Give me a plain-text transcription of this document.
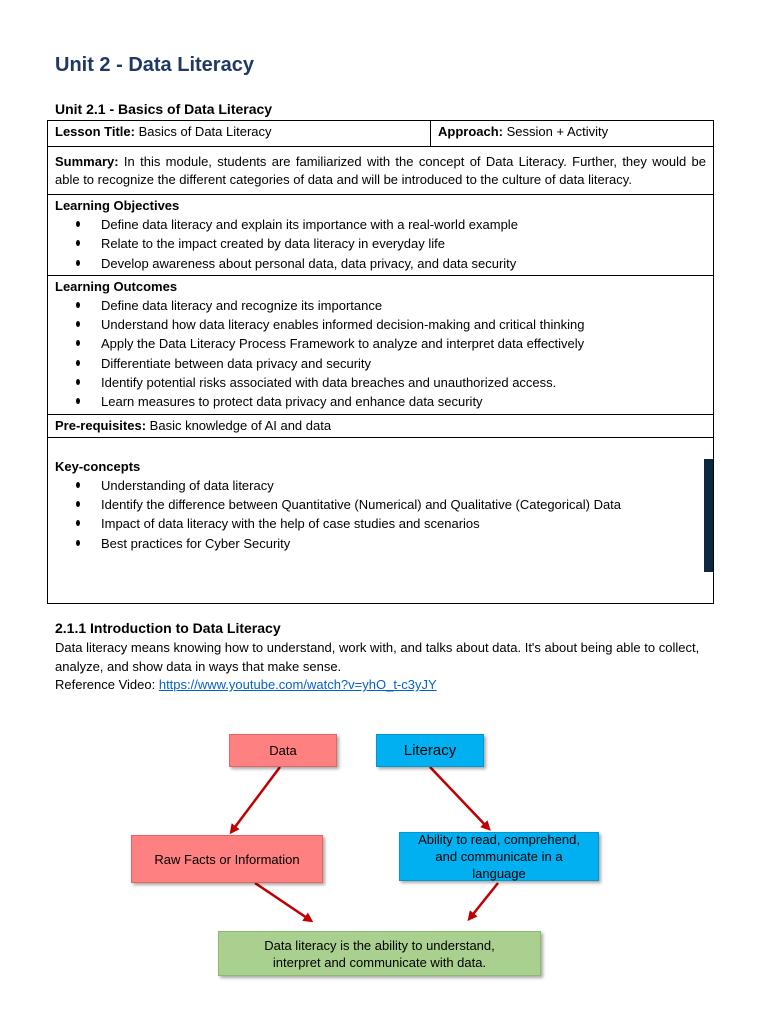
Unit 2 - Data Literacy
Unit 2.1 - Basics of Data Literacy
Lesson Title: Basics of Data Literacy	Approach: Session + Activity

Summary: In this module, students are familiarized with the concept of Data Literacy. Further, they would be able to recognize the different categories of data and will be introduced to the culture of data literacy.

Learning Objectives
Define data literacy and explain its importance with a real-world example
Relate to the impact created by data literacy in everyday life
Develop awareness about personal data, data privacy, and data security

Learning Outcomes
Define data literacy and recognize its importance
Understand how data literacy enables informed decision-making and critical thinking
Apply the Data Literacy Process Framework to analyze and interpret data effectively
Differentiate between data privacy and security
Identify potential risks associated with data breaches and unauthorized access.
Learn measures to protect data privacy and enhance data security

Pre-requisites: Basic knowledge of AI and data

Key-concepts
Understanding of data literacy
Identify the difference between Quantitative (Numerical) and Qualitative (Categorical) Data
Impact of data literacy with the help of case studies and scenarios
Best practices for Cyber Security
2.1.1 Introduction to Data Literacy
Data literacy means knowing how to understand, work with, and talks about data. It's about being able to collect, analyze, and show data in ways that make sense.
Reference Video: https://www.youtube.com/watch?v=yhO_t-c3yJY
Data	Literacy
Raw Facts or Information
Ability to read, comprehend, and communicate in a language
Data literacy is the ability to understand, interpret and communicate with data.
